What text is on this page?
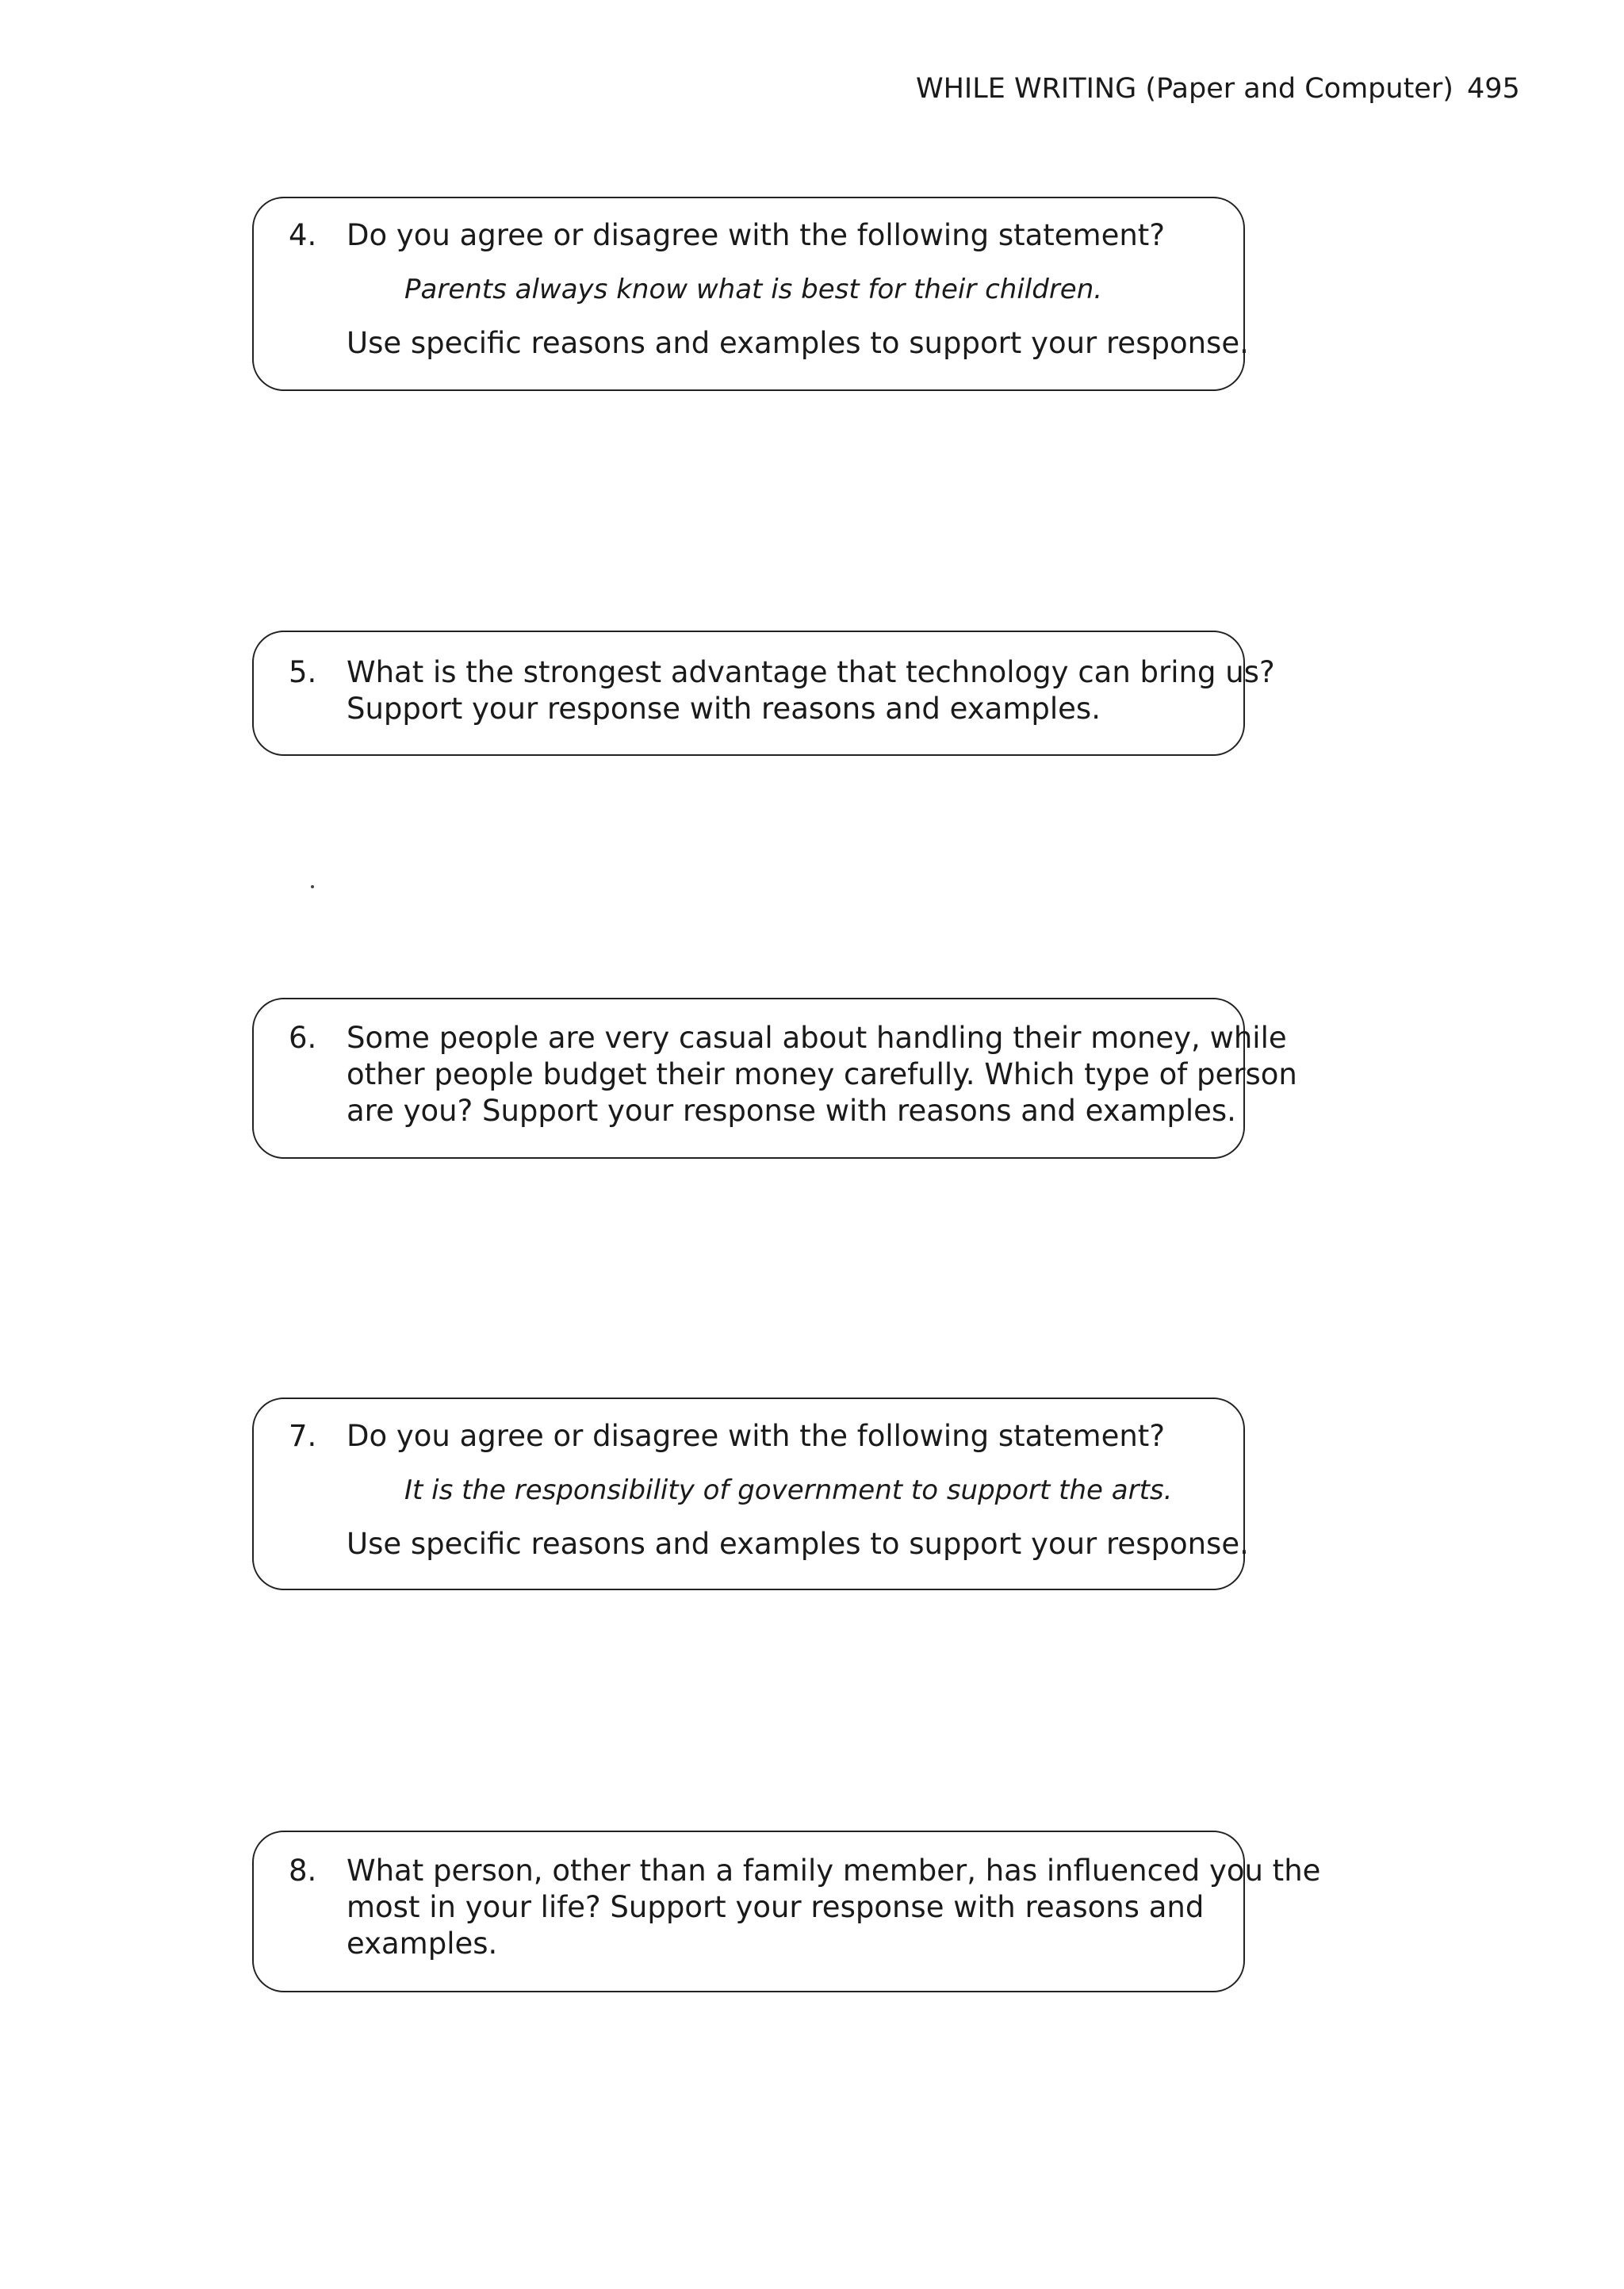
WHILE WRITING (Paper and Computer) 495
4. Do you agree or disagree with the following statement?
Parents always know what is best for their children.
Use specific reasons and examples to support your response.
5. What is the strongest advantage that technology can bring us?
Support your response with reasons and examples.
6. Some people are very casual about handling their money, while
other people budget their money carefully. Which type of person
are you? Support your response with reasons and examples.
7. Do you agree or disagree with the following statement?
It is the responsibility of government to support the arts.
Use specific reasons and examples to support your response.
8. What person, other than a family member, has influenced you the
most in your life? Support your response with reasons and
examples.
